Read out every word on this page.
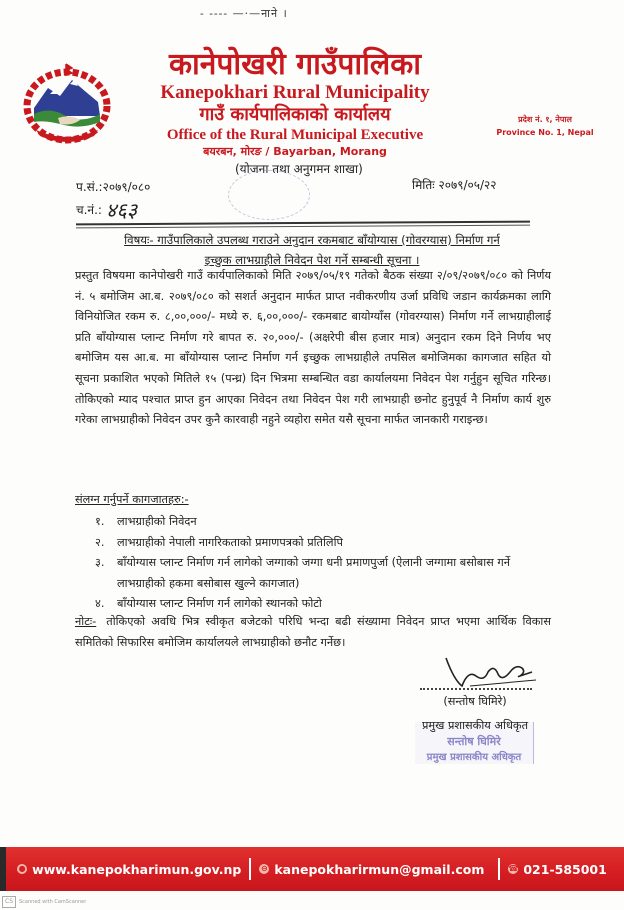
- ---- —·—नाने ।
कानेपोखरी गाउँपालिका
Kanepokhari Rural Municipality
गाउँ कार्यपालिकाको कार्यालय
Office of the Rural Municipal Executive
बयरबन, मोरङ / Bayarban, Morang
प्रदेश नं. १, नेपाल
Province No. 1, Nepal
(योजना तथा अनुगमन शाखा)
प.सं.:२०७९/०८०	मितिः २०७९/०५/२२
च.नं.: ४६३
विषयः- गाउँपालिकाले उपलब्ध गराउने अनुदान रकमबाट बाँयोग्यास (गोवरग्यास) निर्माण गर्न
इच्छुक लाभग्राहीले निवेदन पेश गर्ने सम्बन्धी सूचना ।
प्रस्तुत विषयमा कानेपोखरी गाउँ कार्यपालिकाको मिति २०७९/०५/१९ गतेको बैठक संख्या २/०९/२०७९/०८० को निर्णय नं. ५ बमोजिम आ.ब. २०७९/०८० को सशर्त अनुदान मार्फत प्राप्त नवीकरणीय उर्जा प्रविधि जडान कार्यक्रमका लागि विनियोजित रकम रु. ८,००,०००/- मध्ये रु. ६,००,०००/- रकमबाट बायोग्याँस (गोवरग्यास) निर्माण गर्ने लाभग्राहीलाई प्रति बाँयोग्यास प्लान्ट निर्माण गरे बापत रु. २०,०००/- (अक्षरेपी बीस हजार मात्र) अनुदान रकम दिने निर्णय भए बमोजिम यस आ.ब. मा बाँयोग्यास प्लान्ट निर्माण गर्न इच्छुक लाभग्राहीले तपसिल बमोजिमका कागजात सहित यो सूचना प्रकाशित भएको मितिले १५ (पन्ध्र) दिन भित्रमा सम्बन्धित वडा कार्यालयमा निवेदन पेश गर्नुहुन सूचित गरिन्छ। तोकिएको म्याद पश्चात प्राप्त हुन आएका निवेदन तथा निवेदन पेश गरी लाभग्राही छनोट हुनुपूर्व नै निर्माण कार्य शुरु गरेका लाभग्राहीको निवेदन उपर कुनै कारवाही नहुने व्यहोरा समेत यसै सूचना मार्फत जानकारी गराइन्छ।
संलग्न गर्नुपर्ने कागजातहरु:-
१.	लाभग्राहीको निवेदन
२.	लाभग्राहीको नेपाली नागरिकताको प्रमाणपत्रको प्रतिलिपि
३.	बाँयोग्यास प्लान्ट निर्माण गर्न लागेको जग्गाको जग्गा धनी प्रमाणपुर्जा (ऐलानी जग्गामा बसोबास गर्ने लाभग्राहीको हकमा बसोबास खुल्ने कागजात)
४.	बाँयोग्यास प्लान्ट निर्माण गर्न लागेको स्थानको फोटो
नोटः- तोकिएको अवधि भित्र स्वीकृत बजेटको परिधि भन्दा बढी संख्यामा निवेदन प्राप्त भएमा आर्थिक विकास समितिको सिफारिस बमोजिम कार्यालयले लाभग्राहीको छनौट गर्नेछ।
(सन्तोष घिमिरे)
सन्तोष घिमिरे
प्रमुख प्रशासकीय अधिकृत
प्रमुख प्रशासकीय अधिकृत
● www.kanepokharimun.gov.np ⊖ kanepokharirmun@gmail.com	☎ 021-585001
CS	Scanned with CamScanner
